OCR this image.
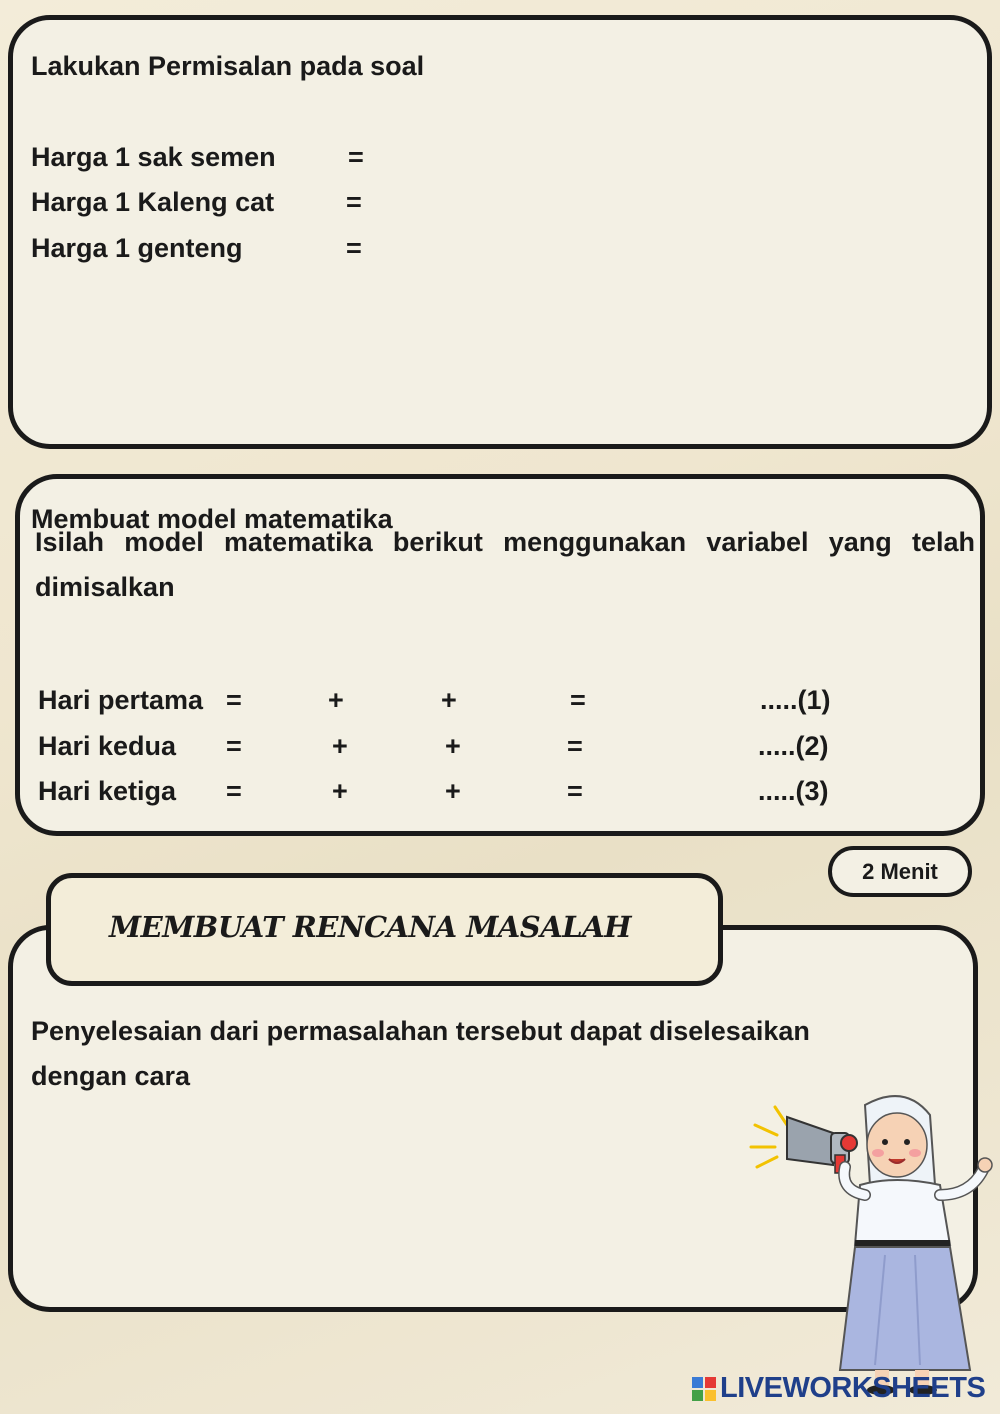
Lakukan Permisalan pada soal
Harga 1 sak semen	=
Harga 1 Kaleng cat	=
Harga 1 genteng	=
Membuat model matematika
Isilah model matematika berikut menggunakan variabel yang telah dimisalkan
Hari pertama =	+	+	=	.....(1)
Hari kedua =	+	+	=	.....(2)
Hari ketiga =	+	+	=	.....(3)
2 Menit
Penyelesaian dari permasalahan tersebut dapat diselesaikan dengan cara
MEMBUAT RENCANA MASALAH
LIVEWORKSHEETS
